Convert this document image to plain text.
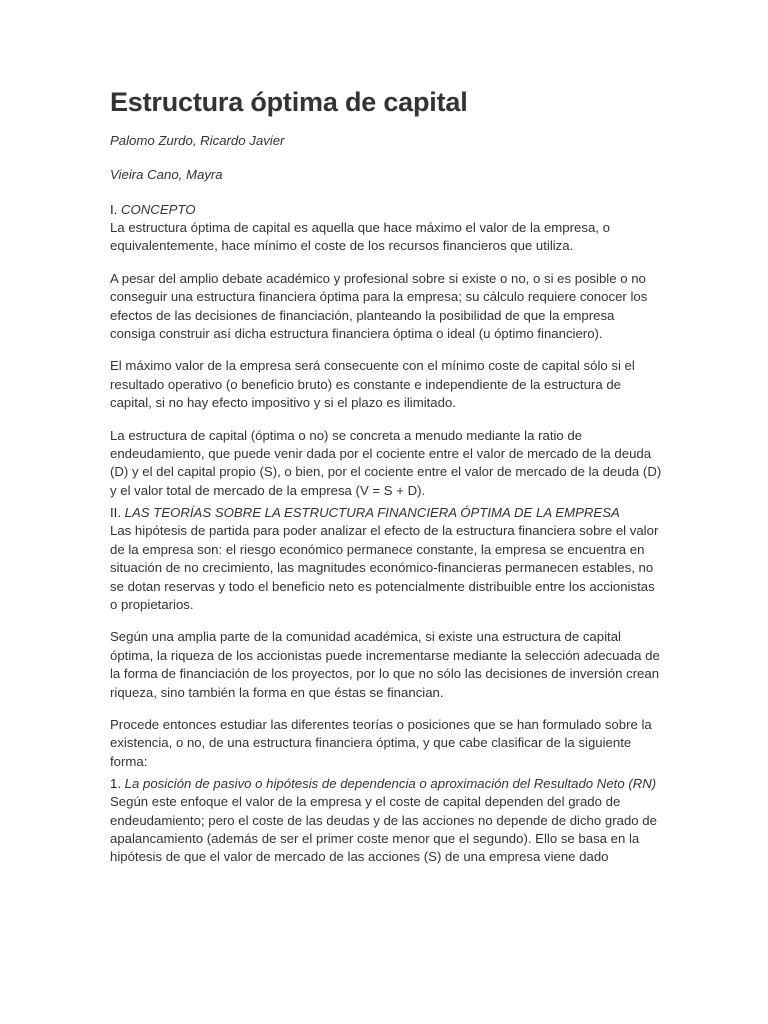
Estructura óptima de capital

Palomo Zurdo, Ricardo Javier

Vieira Cano, Mayra

I. CONCEPTO

La estructura óptima de capital es aquella que hace máximo el valor de la empresa, o equivalentemente, hace mínimo el coste de los recursos financieros que utiliza.

A pesar del amplio debate académico y profesional sobre si existe o no, o si es posible o no conseguir una estructura financiera óptima para la empresa; su cálculo requiere conocer los efectos de las decisiones de financiación, planteando la posibilidad de que la empresa consiga construir así dicha estructura financiera óptima o ideal (u óptimo financiero).

El máximo valor de la empresa será consecuente con el mínimo coste de capital sólo si el resultado operativo (o beneficio bruto) es constante e independiente de la estructura de capital, si no hay efecto impositivo y si el plazo es ilimitado.

La estructura de capital (óptima o no) se concreta a menudo mediante la ratio de endeudamiento, que puede venir dada por el cociente entre el valor de mercado de la deuda (D) y el del capital propio (S), o bien, por el cociente entre el valor de mercado de la deuda (D) y el valor total de mercado de la empresa (V = S + D).

II. LAS TEORÍAS SOBRE LA ESTRUCTURA FINANCIERA ÓPTIMA DE LA EMPRESA

Las hipótesis de partida para poder analizar el efecto de la estructura financiera sobre el valor de la empresa son: el riesgo económico permanece constante, la empresa se encuentra en situación de no crecimiento, las magnitudes económico-financieras permanecen estables, no se dotan reservas y todo el beneficio neto es potencialmente distribuible entre los accionistas o propietarios.

Según una amplia parte de la comunidad académica, si existe una estructura de capital óptima, la riqueza de los accionistas puede incrementarse mediante la selección adecuada de la forma de financiación de los proyectos, por lo que no sólo las decisiones de inversión crean riqueza, sino también la forma en que éstas se financian.

Procede entonces estudiar las diferentes teorías o posiciones que se han formulado sobre la existencia, o no, de una estructura financiera óptima, y que cabe clasificar de la siguiente forma:

1. La posición de pasivo o hipótesis de dependencia o aproximación del Resultado Neto (RN)

Según este enfoque el valor de la empresa y el coste de capital dependen del grado de endeudamiento; pero el coste de las deudas y de las acciones no depende de dicho grado de apalancamiento (además de ser el primer coste menor que el segundo). Ello se basa en la hipótesis de que el valor de mercado de las acciones (S) de una empresa viene dado
